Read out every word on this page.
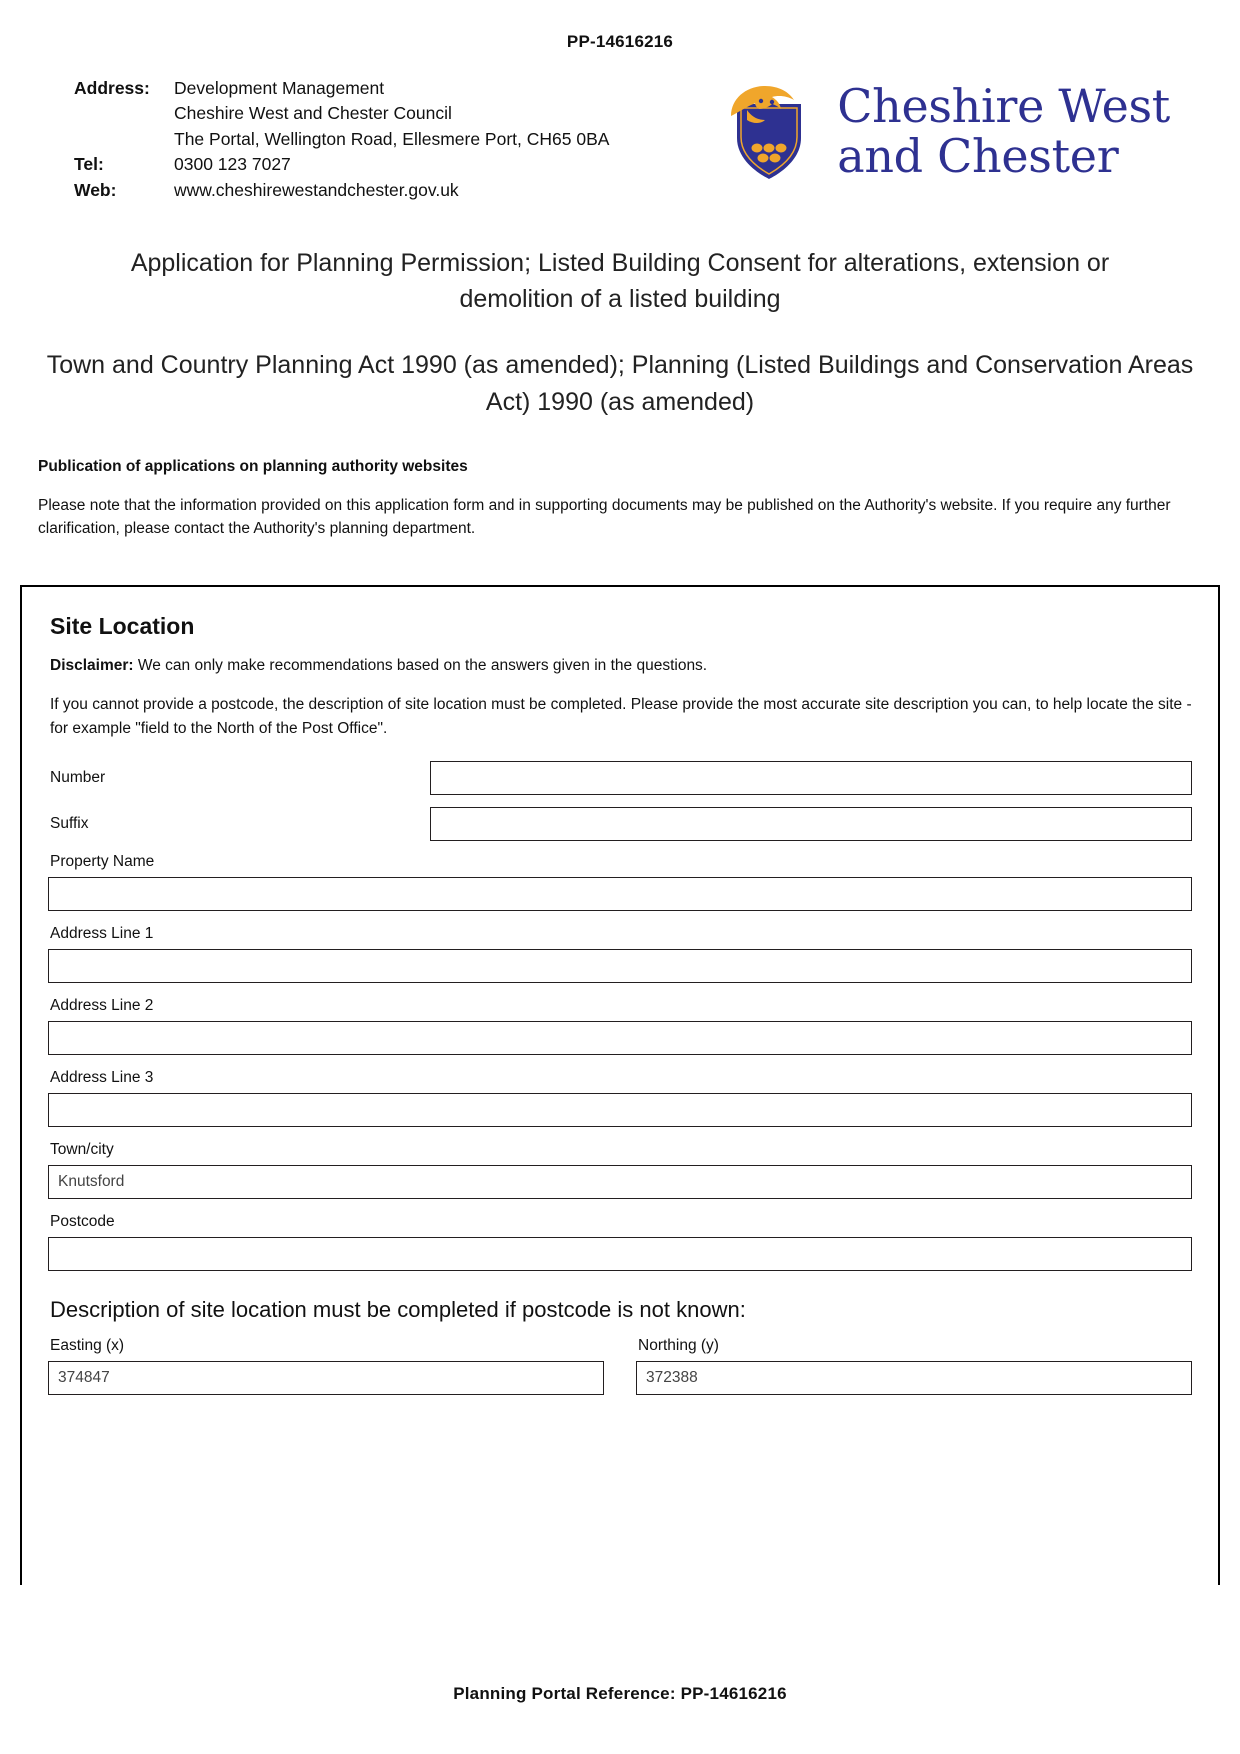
PP-14616216
Address:	Development Management
Cheshire West and Chester Council
The Portal, Wellington Road, Ellesmere Port, CH65 0BA
Tel:	0300 123 7027
Web:	www.cheshirewestandchester.gov.uk
Cheshire West
and Chester
Application for Planning Permission; Listed Building Consent for alterations, extension or demolition of a listed building
Town and Country Planning Act 1990 (as amended); Planning (Listed Buildings and Conservation Areas Act) 1990 (as amended)
Publication of applications on planning authority websites
Please note that the information provided on this application form and in supporting documents may be published on the Authority's website. If you require any further clarification, please contact the Authority's planning department.
Site Location
Disclaimer: We can only make recommendations based on the answers given in the questions.
If you cannot provide a postcode, the description of site location must be completed. Please provide the most accurate site description you can, to help locate the site - for example "field to the North of the Post Office".
Number
Suffix
Property Name
Address Line 1
Address Line 2
Address Line 3
Town/city
Knutsford
Postcode
Description of site location must be completed if postcode is not known:
Easting (x)
374847
Northing (y)
372388
Planning Portal Reference: PP-14616216
